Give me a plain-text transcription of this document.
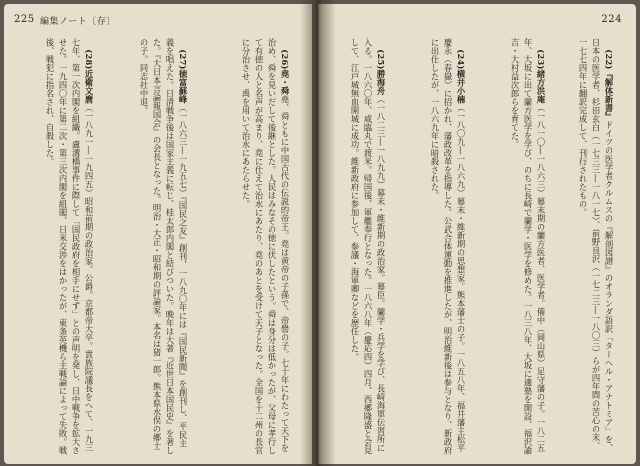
225 編集ノート〔存〕

(26)堯・舜堯、舜ともに中国古代の伝説的帝王。堯は黄帝の子孫で、帝嚳の子。七十年にわたって天下を治め、舜を見いだして後継とした。人民はみなその徳に伏したという。舜は身分は低かったが、父母に孝行して有徳の人と名声が高まり、堯に仕えて治水にあたり、堯のあとを受けて天子となった。全国を十二州の長官に分治させ、禹を用いて治水にあたらせた。

(27)徳富蘇峰（一八六三―一九五七）『国民之友』創刊、一八九〇年には『国民新聞』を創刊し、平民主義を唱えた。日清戦争後は国家主義に転じ、桂太郎内閣と結びついた。晩年は大著『近世日本国民史』を著した。『大日本言論報国会』の会長となった。明治・大正・昭和期の評論家。本名は猪一郎。熊本県水俣の郷士の子。同志社中退。

(28)近衛文麿（一八九一―一九四五）昭和前期の政治家。公爵。京都帝大卒。貴族院議長をへて、一九三七年、第一次内閣を組織。盧溝橋事件に際して「国民政府を相手にせず」との声明を発し、日中戦争を拡大させた。一九四〇年に第二次・第三次内閣を組閣、日米交渉をはかったが、東条英機ら主戦論によって失敗。戦後、戦犯に指名され、自殺した。

224

(22)『解体新書』ドイツの医学者クルムスの『解剖図譜』のオランダ語訳「ターヘル・アナトミア」を、日本の医学者、杉田玄白（一七三三―一八一七）、前野良沢（一七二三―一八〇三）らが四年間の苦心の末、一七七四年に翻訳完成して、刊行されたもの。

(23)緒方洪庵（一八一〇―一八六三）幕末期の蘭方医者、医学者。備中（岡山県）足守藩の子。一八二五年、大坂に出て蘭方医学を学び、のちに長崎で蘭学・医学を修めた。一八三八年、大坂に適塾を開設、福沢諭吉・大村益次郎らを育てた。

(24)横井小楠（一八〇九―一八六九）幕末・維新期の思想家。熊本藩士の子。一八五八年、福井藩主松平慶永（春嶽）に招かれ、藩政改革を指導した。公武合体運動を推進したが、明治維新後は参与となり、新政府に出仕したが、一八六九年に暗殺された。

(25)勝海舟（一八二三―一八九九）幕末・維新期の政治家。幕臣。蘭学・兵学を学び、長崎海軍伝習所に入る。一八六〇年、咸臨丸で渡米。帰国後、軍艦奉行となった。一八六八年（慶応四）四月、西郷隆盛と会見して、江戸城無血開城に成功。維新政府に参加して、参議・海軍卿などを歴任した。
